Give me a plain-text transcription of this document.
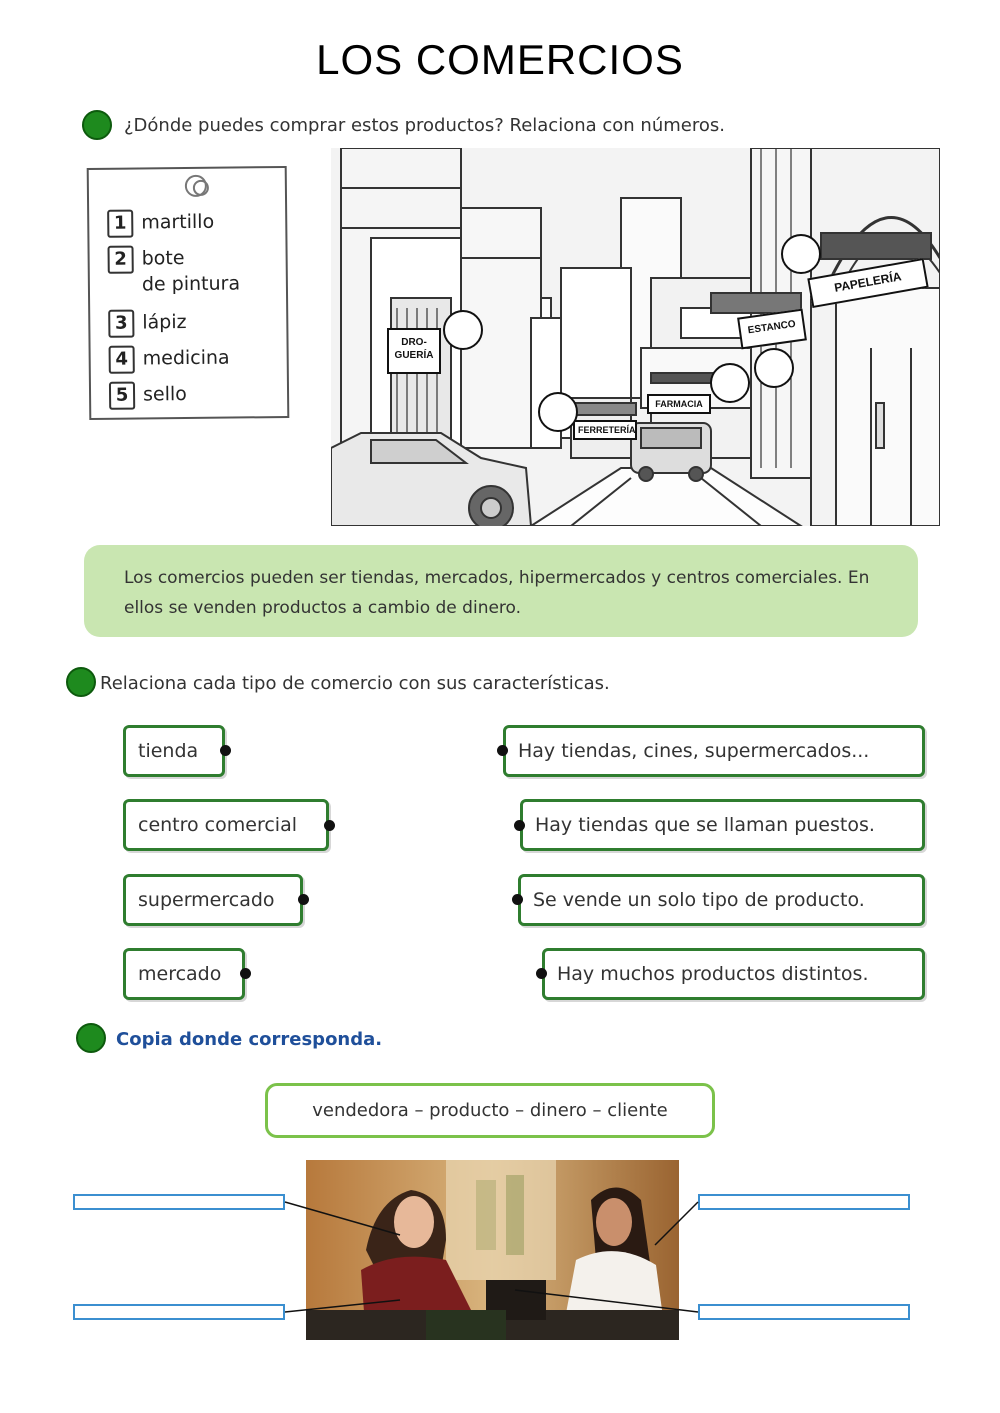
LOS COMERCIOS
¿Dónde puedes comprar estos productos? Relaciona con números.
1 martillo
2 bote
de pintura
3 lápiz
4 medicina
5 sello
DRO-
GUERÍA
FERRETERÍA
FARMACIA
ESTANCO
PAPELERÍA
Los comercios pueden ser tiendas, mercados, hipermercados y centros comerciales. En ellos se venden productos a cambio de dinero.
Relaciona cada tipo de comercio con sus características.
tienda
centro comercial
supermercado
mercado
Hay tiendas, cines, supermercados...
Hay tiendas que se llaman puestos.
Se vende un solo tipo de producto.
Hay muchos productos distintos.
Copia donde corresponda.
vendedora – producto – dinero – cliente
